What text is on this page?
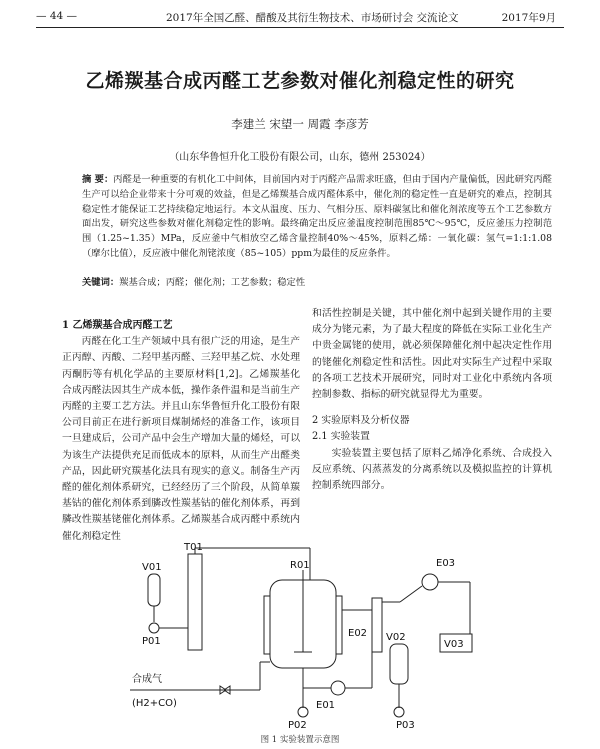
— 44 —	2017年全国乙醛、醋酸及其衍生物技术、市场研讨会 交流论文	2017年9月
乙烯羰基合成丙醛工艺参数对催化剂稳定性的研究
李建兰 宋望一 周霞 李彦芳
（山东华鲁恒升化工股份有限公司，山东，德州 253024）
摘 要：丙醛是一种重要的有机化工中间体，目前国内对于丙醛产品需求旺盛，但由于国内产量偏低，因此研究丙醛生产可以给企业带来十分可观的效益，但是乙烯羰基合成丙醛体系中，催化剂的稳定性一直是研究的难点，控制其稳定性才能保证工艺持续稳定地运行。本文从温度、压力、气相分压、原料碳氢比和催化剂浓度等五个工艺参数方面出发，研究这些参数对催化剂稳定性的影响。最终确定出反应釜温度控制范围85℃～95℃，反应釜压力控制范围（1.25~1.35）MPa，反应釜中气相放空乙烯含量控制40%～45%，原料乙烯：一氧化碳：氢气=1:1:1.08（摩尔比值），反应液中催化剂铑浓度（85~105）ppm为最佳的反应条件。
关键词：羰基合成；丙醛；催化剂；工艺参数；稳定性
1 乙烯羰基合成丙醛工艺

丙醛在化工生产领域中具有很广泛的用途，是生产正丙醇、丙酸、二羟甲基丙醛、三羟甲基乙烷、水处理丙酮肟等有机化学品的主要原材料[1,2]。乙烯羰基化合成丙醛法因其生产成本低，操作条件温和是当前生产丙醛的主要工艺方法。并且山东华鲁恒升化工股份有限公司目前正在进行新项目煤制烯烃的准备工作，该项目一旦建成后，公司产品中会生产增加大量的烯烃，可以为该生产法提供充足而低成本的原料，从而生产出醛类产品，因此研究羰基化法具有现实的意义。制备生产丙醛的催化剂体系研究，已经经历了三个阶段，从简单羰基钴的催化剂体系到膦改性羰基钴的催化剂体系，再到膦改性羰基铑催化剂体系。乙烯羰基合成丙醛中系统内催化剂稳定性

和活性控制是关键，其中催化剂中起到关键作用的主要成分为铑元素，为了最大程度的降低在实际工业化生产中贵金属铑的使用，就必须保障催化剂中起决定性作用的铑催化剂稳定性和活性。因此对实际生产过程中采取的各项工艺技术开展研究，同时对工业化中系统内各项控制参数、指标的研究就显得尤为重要。

2 实验原料及分析仪器
2.1 实验装置

实验装置主要包括了原料乙烯净化系统、合成投入反应系统、闪蒸蒸发的分离系统以及模拟监控的计算机控制系统四部分。

T01
V01
P01
R01
E01
E02
E03
V02
V03
P02	P03
合成气
(H2+CO)
图 1 实验装置示意图
